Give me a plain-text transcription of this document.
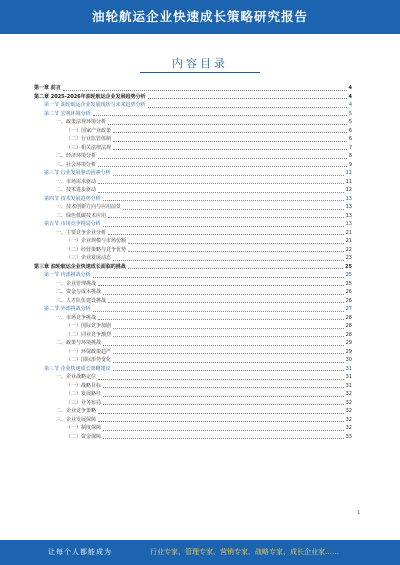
油轮航运企业快速成长策略研究报告
内容目录
第一章 前言	4
第二章 2025-2026年油轮航运企业发展趋势分析	4
第一节 油轮航运企业发展现状与未来趋势分析	4
第二节 宏观环境分析	5
一、政策法规环境分析	5
（一）国家产业政策	6
（二）行业监管体制	6
（三）相关法律法规	7
二、经济环境分析	8
三、社会环境分析	9
第三节 行业发展驱动因素分析	11
一、市场需求驱动	11
二、技术进步驱动	12
第四节 技术发展趋势分析	13
一、技术创新方向与应用前景	13
二、绿色低碳技术应用	13
第五节 市场竞争格局分析	13
一、主要竞争企业分析	21
（一）企业规模与市场份额	21
（二）经营策略与竞争优势	22
（三）企业发展动态	23
第三章 油轮航运企业快速成长面临的挑战	25
第一节 内部挑战分析	25
一、企业管理挑战	25
二、资金与成本挑战	26
三、人才队伍建设挑战	26
第二节 外部挑战分析	27
一、市场竞争挑战	28
（一）国际竞争加剧	28
（二）同业竞争激烈	28
二、政策与环境挑战	29
（一）环保政策趋严	29
（二）国际形势变化	30
第三节 企业快速成长策略建议	31
一、企业战略定位	31
（一）战略目标	31
（二）发展路径	32
（三）业务布局	32
二、企业竞争策略	32
三、企业发展保障	32
（一）制度保障	32
（二）资金保障	33
1
让每个人都能成为	行业专家、管理专家、营销专家、战略专家、成长企业家……
